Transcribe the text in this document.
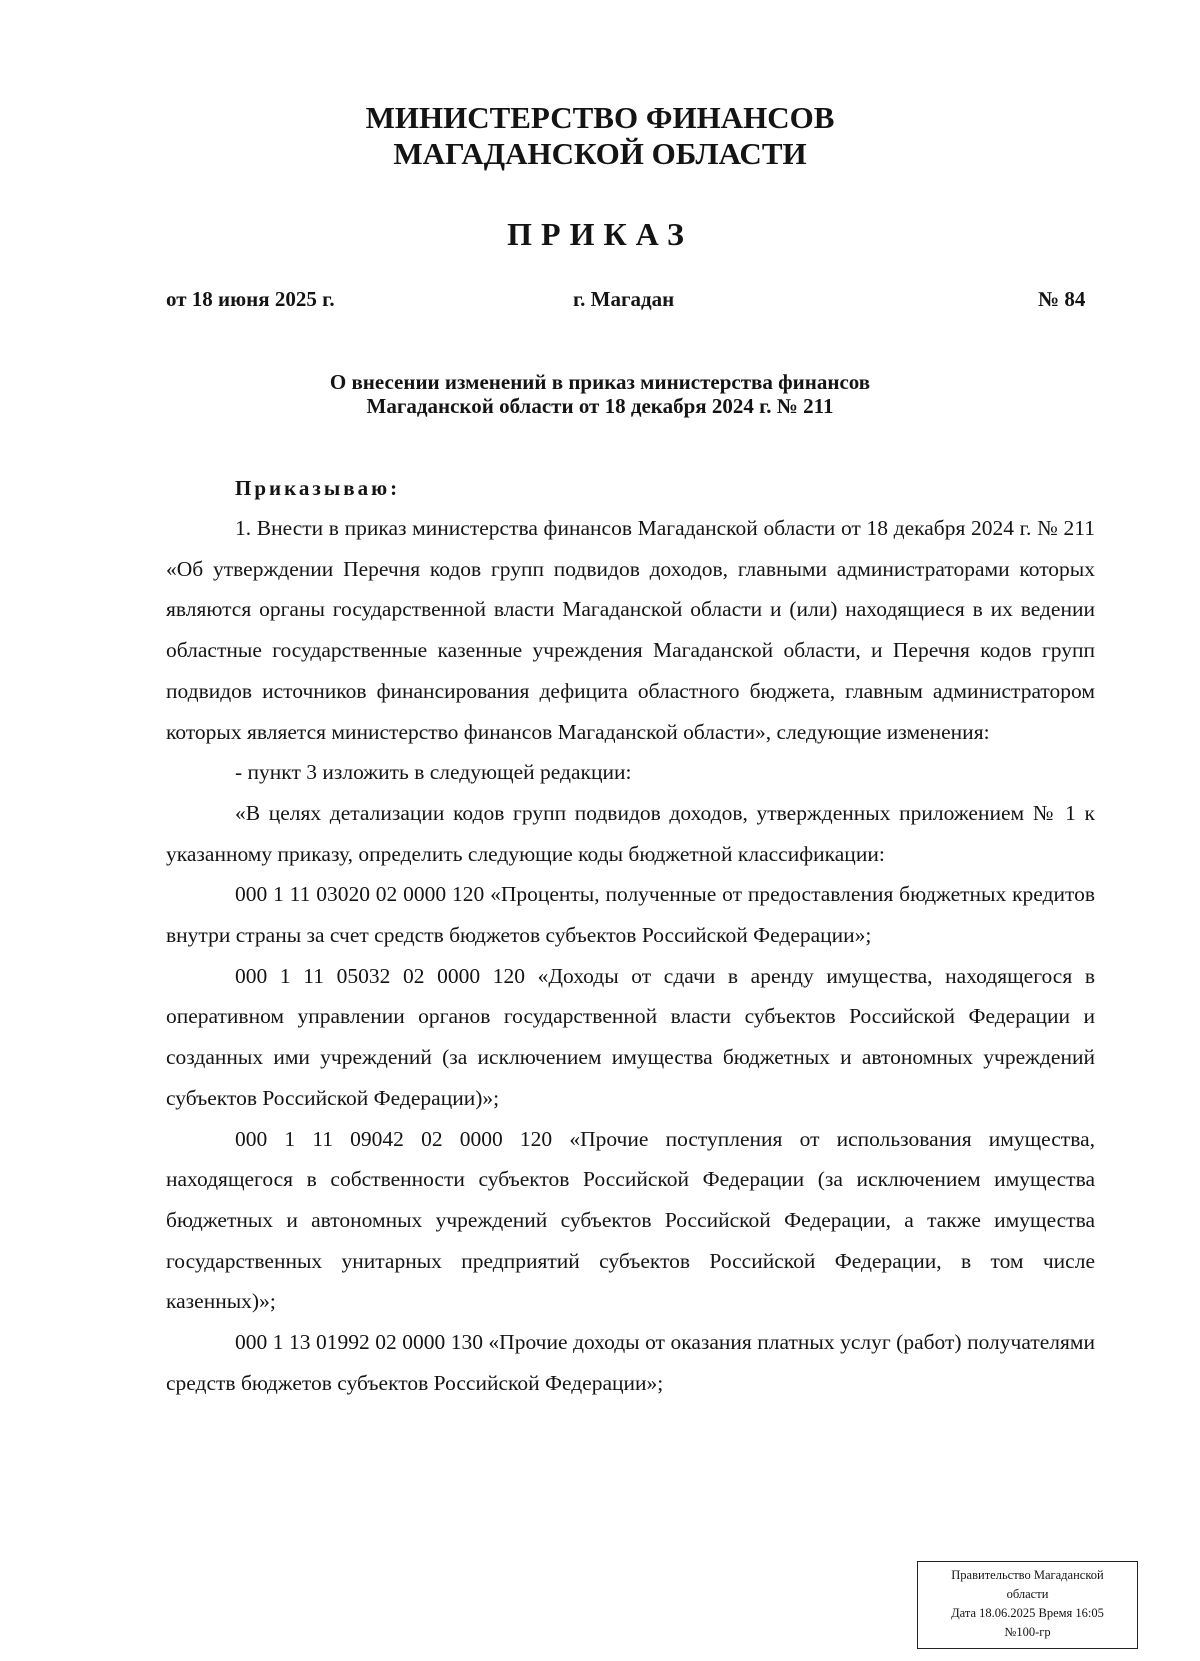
МИНИСТЕРСТВО ФИНАНСОВ
МАГАДАНСКОЙ ОБЛАСТИ
ПРИКАЗ
от 18 июня 2025 г.	г. Магадан	№ 84
О внесении изменений в приказ министерства финансов
Магаданской области от 18 декабря 2024 г. № 211
Приказываю:

1. Внести в приказ министерства финансов Магаданской области от 18 декабря 2024 г. № 211 «Об утверждении Перечня кодов групп подвидов доходов, главными администраторами которых являются органы государственной власти Магаданской области и (или) находящиеся в их ведении областные государственные казенные учреждения Магаданской области, и Перечня кодов групп подвидов источников финансирования дефицита областного бюджета, главным администратором которых является министерство финансов Магаданской области», следующие изменения:

- пункт 3 изложить в следующей редакции:

«В целях детализации кодов групп подвидов доходов, утвержденных приложением № 1 к указанному приказу, определить следующие коды бюджетной классификации:

000 1 11 03020 02 0000 120 «Проценты, полученные от предоставления бюджетных кредитов внутри страны за счет средств бюджетов субъектов Российской Федерации»;

000 1 11 05032 02 0000 120 «Доходы от сдачи в аренду имущества, находящегося в оперативном управлении органов государственной власти субъектов Российской Федерации и созданных ими учреждений (за исключением имущества бюджетных и автономных учреждений субъектов Российской Федерации)»;

000 1 11 09042 02 0000 120 «Прочие поступления от использования имущества, находящегося в собственности субъектов Российской Федерации (за исключением имущества бюджетных и автономных учреждений субъектов Российской Федерации, а также имущества государственных унитарных предприятий субъектов Российской Федерации, в том числе казенных)»;

000 1 13 01992 02 0000 130 «Прочие доходы от оказания платных услуг (работ) получателями средств бюджетов субъектов Российской Федерации»;

Правительство Магаданской
области
Дата 18.06.2025 Время 16:05
№100-гр
